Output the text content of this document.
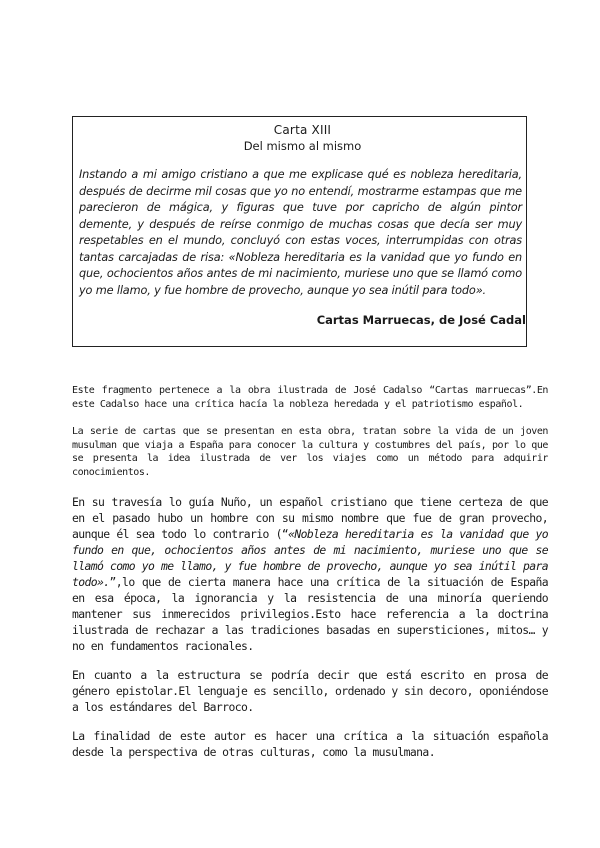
Carta XIII
Del mismo al mismo

Instando a mi amigo cristiano a que me explicase qué es nobleza hereditaria, después de decirme mil cosas que yo no entendí, mostrarme estampas que me parecieron de mágica, y figuras que tuve por capricho de algún pintor demente, y después de reírse conmigo de muchas cosas que decía ser muy respetables en el mundo, concluyó con estas voces, interrumpidas con otras tantas carcajadas de risa: «Nobleza hereditaria es la vanidad que yo fundo en que, ochocientos años antes de mi nacimiento, muriese uno que se llamó como yo me llamo, y fue hombre de provecho, aunque yo sea inútil para todo».

Cartas Marruecas, de José Cadal

Este fragmento pertenece a la obra ilustrada de José Cadalso “Cartas marruecas”.En este Cadalso hace una crítica hacía la nobleza heredada y el patriotismo español.

La serie de cartas que se presentan en esta obra, tratan sobre la vida de un joven musulman que viaja a España para conocer la cultura y costumbres del país, por lo que se presenta la idea ilustrada de ver los viajes como un método para adquirir conocimientos.

En su travesía lo guía Nuño, un español cristiano que tiene certeza de que en el pasado hubo un hombre con su mismo nombre que fue de gran provecho, aunque él sea todo lo contrario (“«Nobleza hereditaria es la vanidad que yo fundo en que, ochocientos años antes de mi nacimiento, muriese uno que se llamó como yo me llamo, y fue hombre de provecho, aunque yo sea inútil para todo».”,lo que de cierta manera hace una crítica de la situación de España en esa época, la ignorancia y la resistencia de una minoría queriendo mantener sus inmerecidos privilegios.Esto hace referencia a la doctrina ilustrada de rechazar a las tradiciones basadas en supersticiones, mitos… y no en fundamentos racionales.

En cuanto a la estructura se podría decir que está escrito en prosa de género epistolar.El lenguaje es sencillo, ordenado y sin decoro, oponiéndose a los estándares del Barroco.

La finalidad de este autor es hacer una crítica a la situación española desde la perspectiva de otras culturas, como la musulmana.
